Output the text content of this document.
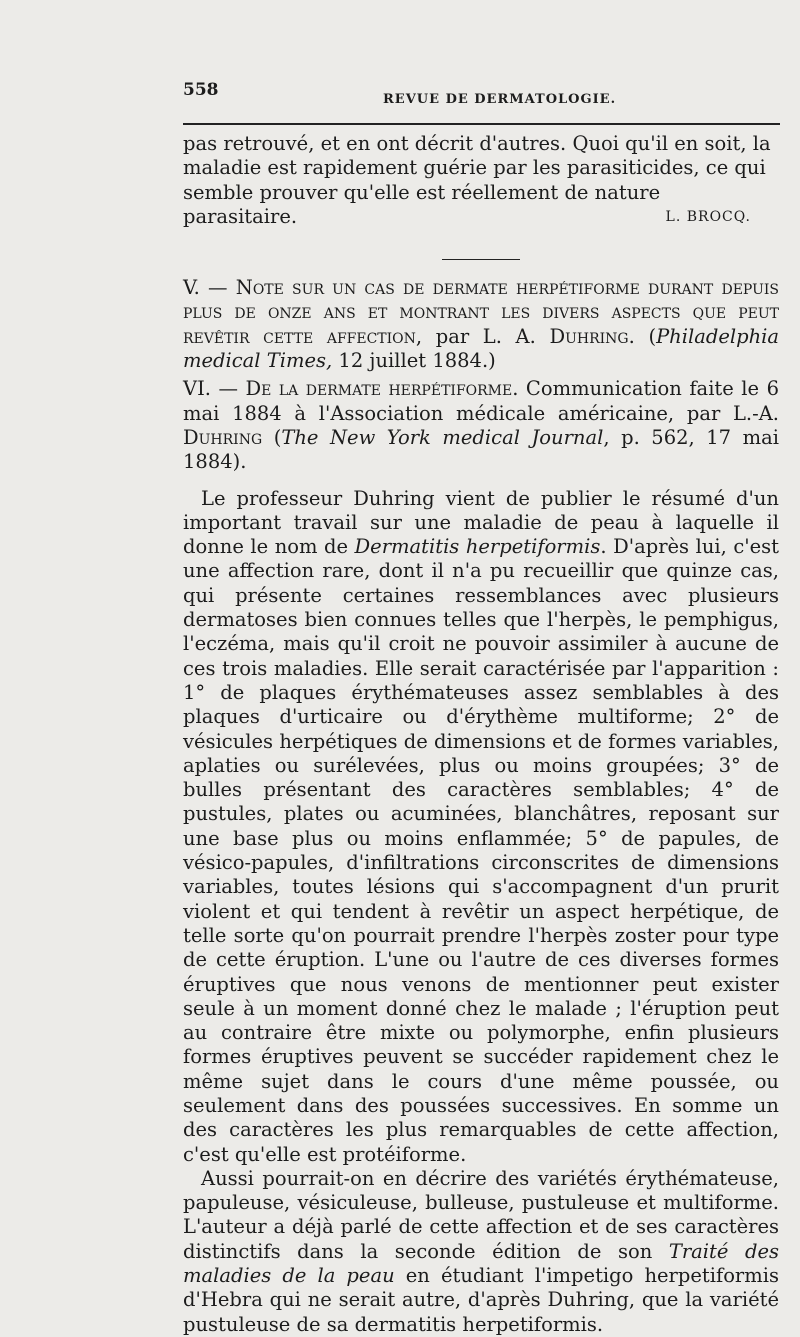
558	REVUE DE DERMATOLOGIE.

pas retrouvé, et en ont décrit d'autres. Quoi qu'il en soit, la maladie est rapidement guérie par les parasiticides, ce qui semble prouver qu'elle est réellement de nature parasitaire.	L. BROCQ.

V. — Note sur un cas de dermate herpétiforme durant depuis plus de onze ans et montrant les divers aspects que peut revêtir cette affection, par L. A. Duhring. (Philadelphia medical Times, 12 juillet 1884.)

VI. — De la dermate herpétiforme. Communication faite le 6 mai 1884 à l'Association médicale américaine, par L.-A. Duhring (The New York medical Journal, p. 562, 17 mai 1884).

Le professeur Duhring vient de publier le résumé d'un important travail sur une maladie de peau à laquelle il donne le nom de Dermatitis herpetiformis. D'après lui, c'est une affection rare, dont il n'a pu recueillir que quinze cas, qui présente certaines ressemblances avec plusieurs dermatoses bien connues telles que l'herpès, le pemphigus, l'eczéma, mais qu'il croit ne pouvoir assimiler à aucune de ces trois maladies. Elle serait caractérisée par l'apparition : 1° de plaques érythémateuses assez semblables à des plaques d'urticaire ou d'érythème multiforme; 2° de vésicules herpétiques de dimensions et de formes variables, aplaties ou surélevées, plus ou moins groupées; 3° de bulles présentant des caractères semblables; 4° de pustules, plates ou acuminées, blanchâtres, reposant sur une base plus ou moins enflammée; 5° de papules, de vésico-papules, d'infiltrations circonscrites de dimensions variables, toutes lésions qui s'accompagnent d'un prurit violent et qui tendent à revêtir un aspect herpétique, de telle sorte qu'on pourrait prendre l'herpès zoster pour type de cette éruption. L'une ou l'autre de ces diverses formes éruptives que nous venons de mentionner peut exister seule à un moment donné chez le malade ; l'éruption peut au contraire être mixte ou polymorphe, enfin plusieurs formes éruptives peuvent se succéder rapidement chez le même sujet dans le cours d'une même poussée, ou seulement dans des poussées successives. En somme un des caractères les plus remarquables de cette affection, c'est qu'elle est protéiforme.

Aussi pourrait-on en décrire des variétés érythémateuse, papuleuse, vésiculeuse, bulleuse, pustuleuse et multiforme. L'auteur a déjà parlé de cette affection et de ses caractères distinctifs dans la seconde édition de son Traité des maladies de la peau en étudiant l'impetigo herpetiformis d'Hebra qui ne serait autre, d'après Duhring, que la variété pustuleuse de sa dermatitis herpetiformis.
